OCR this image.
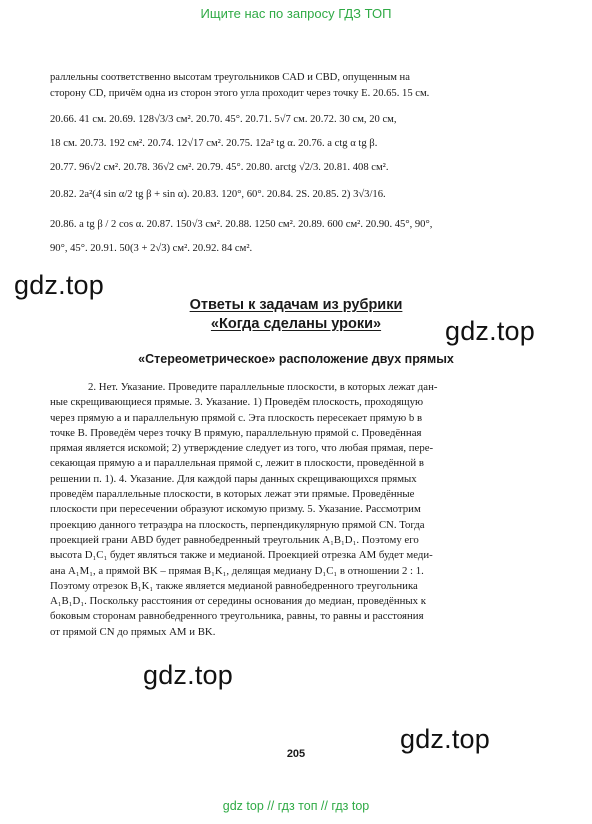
Ищите нас по запросу ГДЗ ТОП
раллельны соответственно высотам треугольников CAD и CBD, опущенным на
сторону CD, причём одна из сторон этого угла проходит через точку E. 20.65. 15 см.
20.66. 41 см. 20.69. 128√3/3 см². 20.70. 45°. 20.71. 5√7 см. 20.72. 30 см, 20 см,
18 см. 20.73. 192 см². 20.74. 12√17 см². 20.75. 12a² tg α. 20.76. a ctg α tg β.
20.77. 96√2 см². 20.78. 36√2 см². 20.79. 45°. 20.80. arctg √2/3. 20.81. 408 см².
20.82. 2a²(4 sin α/2 tg β + sin α). 20.83. 120°, 60°. 20.84. 2S. 20.85. 2) 3√3/16.
20.86. a tg β / 2 cos α. 20.87. 150√3 см². 20.88. 1250 см². 20.89. 600 см². 20.90. 45°, 90°,
90°, 45°. 20.91. 50(3 + 2√3) см². 20.92. 84 см².
gdz.top
gdz.top
gdz.top
gdz.top
Ответы к задачам из рубрики
«Когда сделаны уроки»
«Стереометрическое» расположение двух прямых
2. Нет. Указание. Проведите параллельные плоскости, в которых лежат дан-
ные скрещивающиеся прямые. 3. Указание. 1) Проведём плоскость, проходящую
через прямую a и параллельную прямой c. Эта плоскость пересекает прямую b в
точке B. Проведём через точку B прямую, параллельную прямой c. Проведённая
прямая является искомой; 2) утверждение следует из того, что любая прямая, пере-
секающая прямую a и параллельная прямой c, лежит в плоскости, проведённой в
решении п. 1). 4. Указание. Для каждой пары данных скрещивающихся прямых
проведём параллельные плоскости, в которых лежат эти прямые. Проведённые
плоскости при пересечении образуют искомую призму. 5. Указание. Рассмотрим
проекцию данного тетраэдра на плоскость, перпендикулярную прямой CN. Тогда
проекцией грани ABD будет равнобедренный треугольник A₁B₁D₁. Поэтому его
высота D₁C₁ будет являться также и медианой. Проекцией отрезка AM будет меди-
ана A₁M₁, а прямой BK – прямая B₁K₁, делящая медиану D₁C₁ в отношении 2 : 1.
Поэтому отрезок B₁K₁ также является медианой равнобедренного треугольника
A₁B₁D₁. Поскольку расстояния от середины основания до медиан, проведённых к
боковым сторонам равнобедренного треугольника, равны, то равны и расстояния
от прямой CN до прямых AM и BK.
205
gdz top // гдз топ // гдз top
